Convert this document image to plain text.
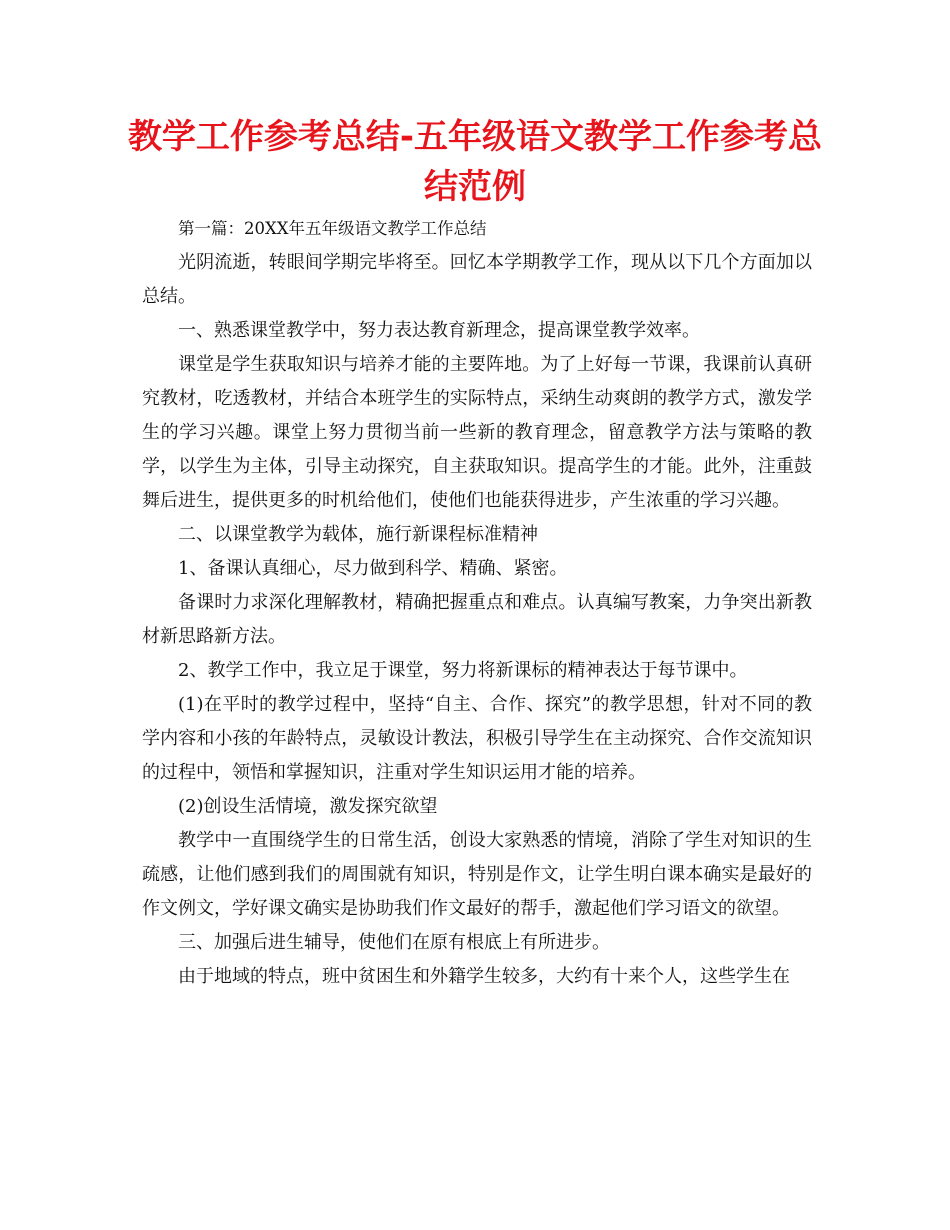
教学工作参考总结-五年级语文教学工作参考总结范例

第一篇：20XX年五年级语文教学工作总结

光阴流逝，转眼间学期完毕将至。回忆本学期教学工作，现从以下几个方面加以总结。

一、熟悉课堂教学中，努力表达教育新理念，提高课堂教学效率。

课堂是学生获取知识与培养才能的主要阵地。为了上好每一节课，我课前认真研究教材，吃透教材，并结合本班学生的实际特点，采纳生动爽朗的教学方式，激发学生的学习兴趣。课堂上努力贯彻当前一些新的教育理念，留意教学方法与策略的教学，以学生为主体，引导主动探究，自主获取知识。提高学生的才能。此外，注重鼓舞后进生，提供更多的时机给他们，使他们也能获得进步，产生浓重的学习兴趣。

二、以课堂教学为载体，施行新课程标准精神

1、备课认真细心，尽力做到科学、精确、紧密。

备课时力求深化理解教材，精确把握重点和难点。认真编写教案，力争突出新教材新思路新方法。

2、教学工作中，我立足于课堂，努力将新课标的精神表达于每节课中。

(1)在平时的教学过程中，坚持“自主、合作、探究”的教学思想，针对不同的教学内容和小孩的年龄特点，灵敏设计教法，积极引导学生在主动探究、合作交流知识的过程中，领悟和掌握知识，注重对学生知识运用才能的培养。

(2)创设生活情境，激发探究欲望

教学中一直围绕学生的日常生活，创设大家熟悉的情境，消除了学生对知识的生疏感，让他们感到我们的周围就有知识，特别是作文，让学生明白课本确实是最好的作文例文，学好课文确实是协助我们作文最好的帮手，激起他们学习语文的欲望。

三、加强后进生辅导，使他们在原有根底上有所进步。

由于地域的特点，班中贫困生和外籍学生较多，大约有十来个人，这些学生在
